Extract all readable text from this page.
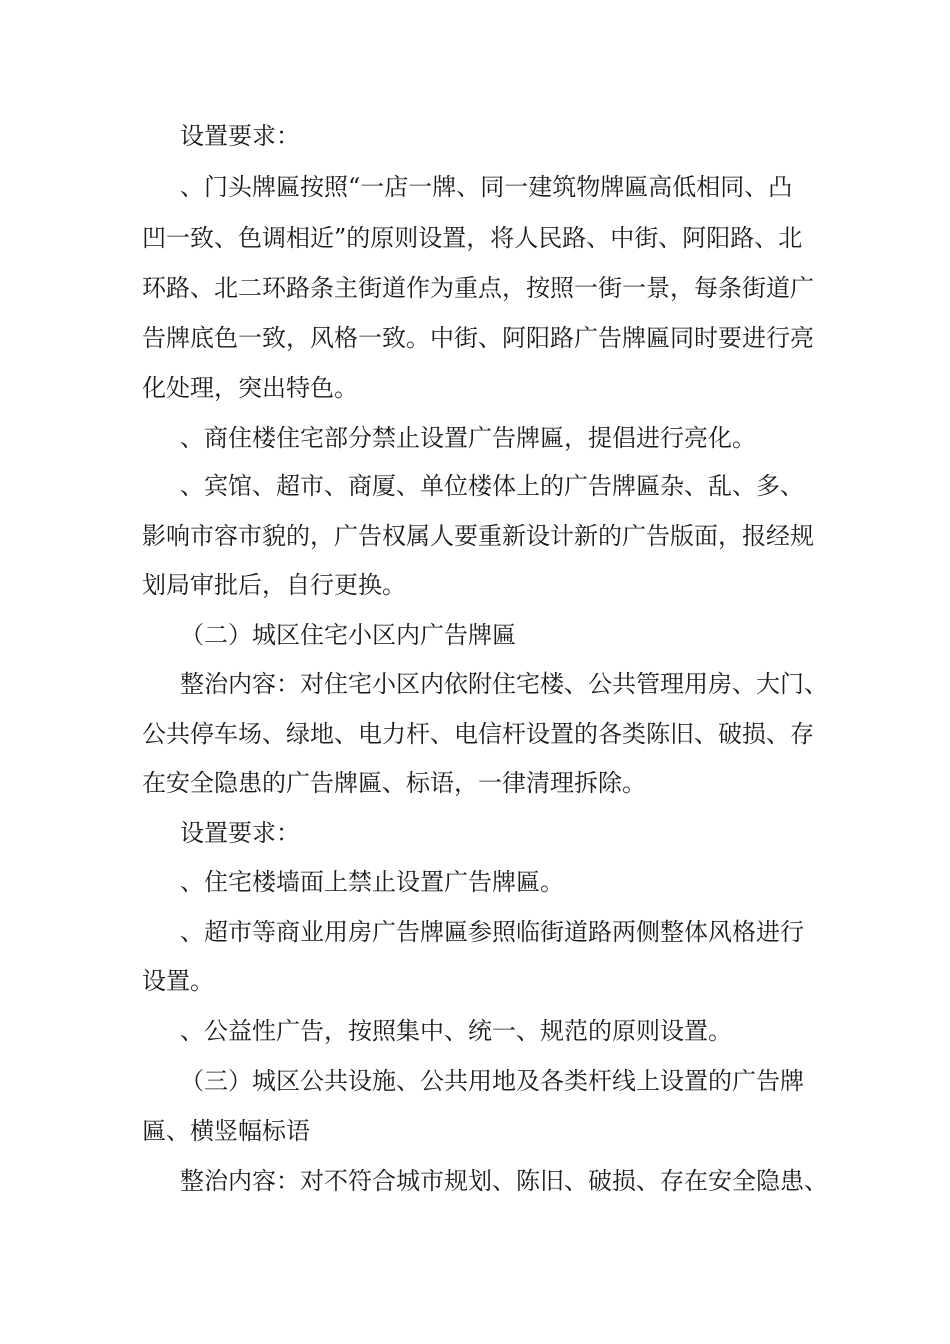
设置要求：
、门头牌匾按照“一店一牌、同一建筑物牌匾高低相同、凸
凹一致、色调相近”的原则设置，将人民路、中街、阿阳路、北
环路、北二环路条主街道作为重点，按照一街一景，每条街道广
告牌底色一致，风格一致。中街、阿阳路广告牌匾同时要进行亮
化处理，突出特色。
、商住楼住宅部分禁止设置广告牌匾，提倡进行亮化。
、宾馆、超市、商厦、单位楼体上的广告牌匾杂、乱、多、
影响市容市貌的，广告权属人要重新设计新的广告版面，报经规
划局审批后，自行更换。
（二）城区住宅小区内广告牌匾
整治内容：对住宅小区内依附住宅楼、公共管理用房、大门、
公共停车场、绿地、电力杆、电信杆设置的各类陈旧、破损、存
在安全隐患的广告牌匾、标语，一律清理拆除。
设置要求：
、住宅楼墙面上禁止设置广告牌匾。
、超市等商业用房广告牌匾参照临街道路两侧整体风格进行
设置。
、公益性广告，按照集中、统一、规范的原则设置。
（三）城区公共设施、公共用地及各类杆线上设置的广告牌
匾、横竖幅标语
整治内容：对不符合城市规划、陈旧、破损、存在安全隐患、
